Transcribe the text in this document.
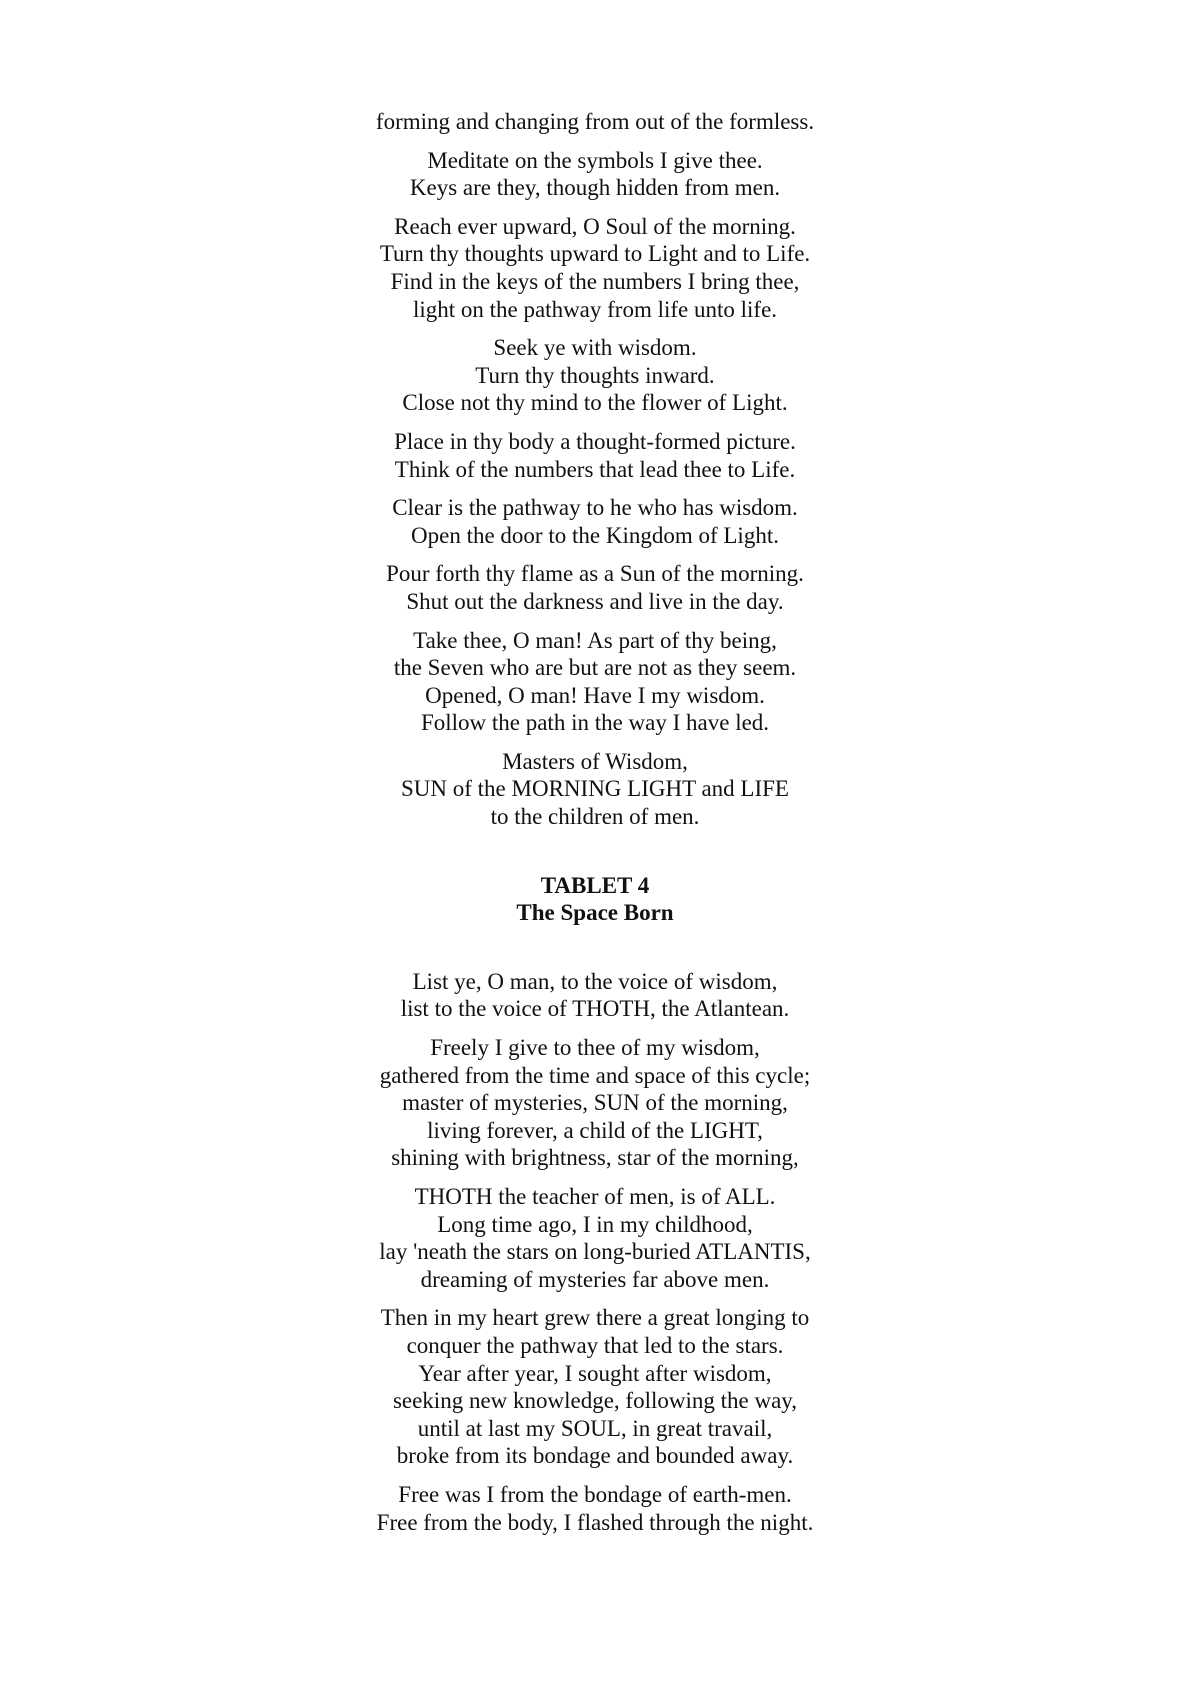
forming and changing from out of the formless.

Meditate on the symbols I give thee.
Keys are they, though hidden from men.

Reach ever upward, O Soul of the morning.
Turn thy thoughts upward to Light and to Life.
Find in the keys of the numbers I bring thee,
light on the pathway from life unto life.

Seek ye with wisdom.
Turn thy thoughts inward.
Close not thy mind to the flower of Light.

Place in thy body a thought-formed picture.
Think of the numbers that lead thee to Life.

Clear is the pathway to he who has wisdom.
Open the door to the Kingdom of Light.

Pour forth thy flame as a Sun of the morning.
Shut out the darkness and live in the day.

Take thee, O man! As part of thy being,
the Seven who are but are not as they seem.
Opened, O man! Have I my wisdom.
Follow the path in the way I have led.

Masters of Wisdom,
SUN of the MORNING LIGHT and LIFE
to the children of men.

TABLET 4
The Space Born

List ye, O man, to the voice of wisdom,
list to the voice of THOTH, the Atlantean.

Freely I give to thee of my wisdom,
gathered from the time and space of this cycle;
master of mysteries, SUN of the morning,
living forever, a child of the LIGHT,
shining with brightness, star of the morning,

THOTH the teacher of men, is of ALL.
Long time ago, I in my childhood,
lay 'neath the stars on long-buried ATLANTIS,
dreaming of mysteries far above men.

Then in my heart grew there a great longing to
conquer the pathway that led to the stars.
Year after year, I sought after wisdom,
seeking new knowledge, following the way,
until at last my SOUL, in great travail,
broke from its bondage and bounded away.

Free was I from the bondage of earth-men.
Free from the body, I flashed through the night.
